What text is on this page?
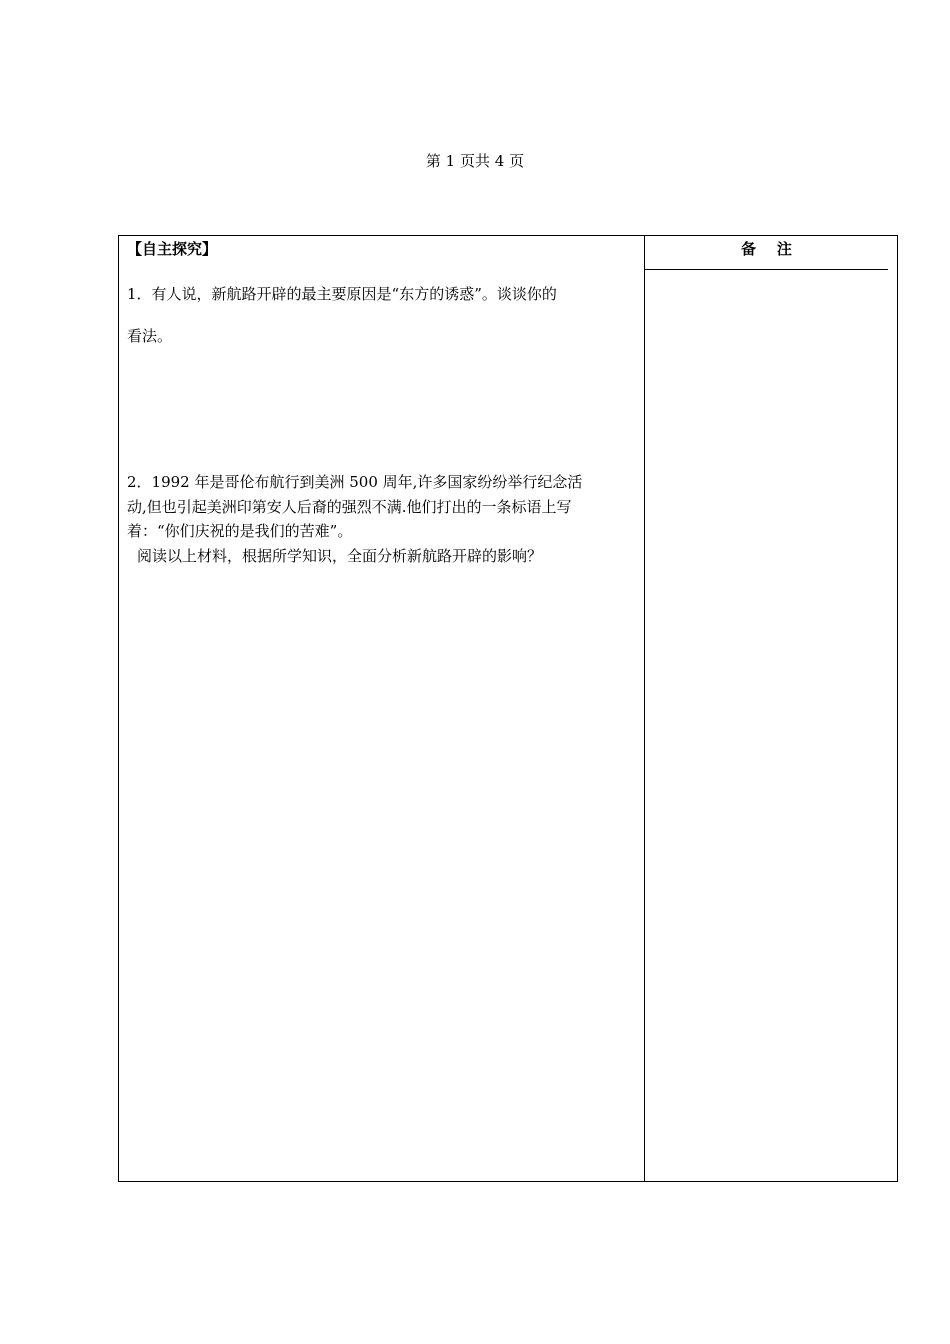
第 1 页共 4 页
【自主探究】
1．有人说，新航路开辟的最主要原因是“东方的诱惑”。谈谈你的
看法。
2．1992 年是哥伦布航行到美洲 500 周年,许多国家纷纷举行纪念活
动,但也引起美洲印第安人后裔的强烈不满.他们打出的一条标语上写
着：“你们庆祝的是我们的苦难”。
阅读以上材料，根据所学知识，全面分析新航路开辟的影响？
备    注
